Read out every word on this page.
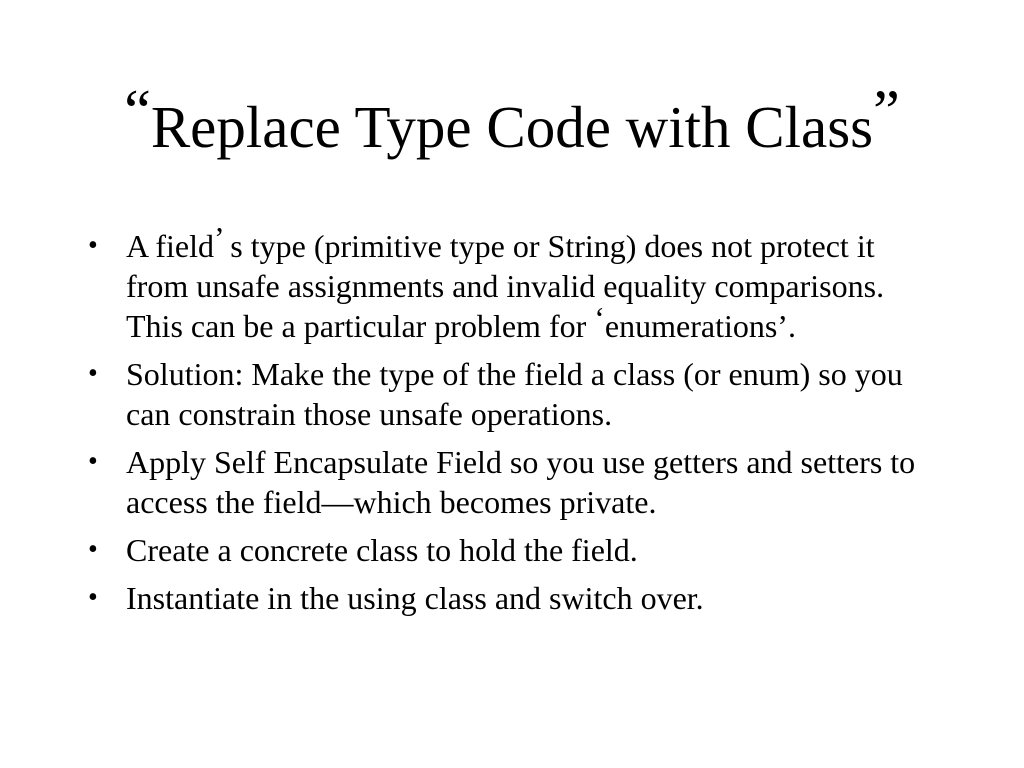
“Replace Type Code with Class”
• A field’ s type (primitive type or String) does not protect it from unsafe assignments and invalid equality comparisons. This can be a particular problem for ‘enumerations’.
• Solution: Make the type of the field a class (or enum) so you can constrain those unsafe operations.
• Apply Self Encapsulate Field so you use getters and setters to access the field—which becomes private.
• Create a concrete class to hold the field.
• Instantiate in the using class and switch over.
